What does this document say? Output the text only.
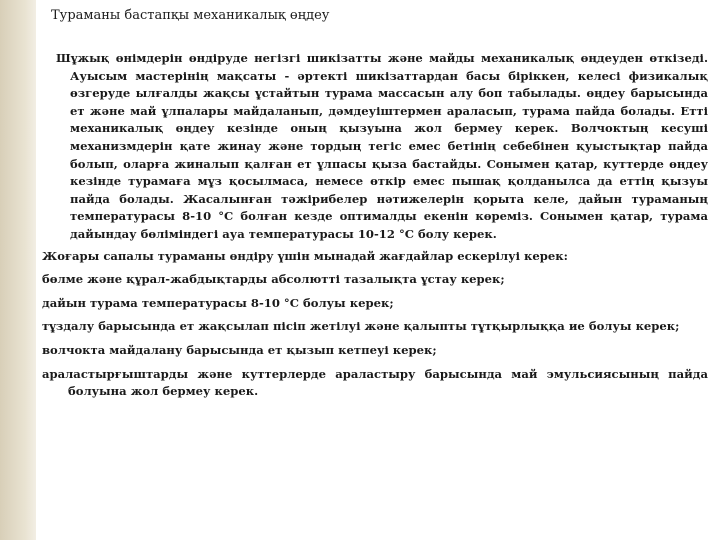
Тураманы бастапқы механикалық өңдеу

Шұжық өнімдерін өндіруде негізгі шикізатты және майды механикалық өңдеуден өткізеді. Ауысым мастерінің мақсаты - әртекті шикізаттардан басы біріккен, келесі физикалық өзгеруде ылғалды жақсы ұстайтын турама массасын алу боп табылады. өңдеу барысында ет және май ұлпалары майдаланып, дәмдеуіштермен араласып, турама пайда болады. Етті механикалық өңдеу кезінде оның қызуына жол бермеу керек. Волчоктың кесуші механизмдерін қате жинау және тордың тегіс емес бетінің себебінен қуыстықтар пайда болып, оларға жиналып қалған ет ұлпасы қыза бастайды. Сонымен қатар, куттерде өңдеу кезінде турамаға мұз қосылмаса, немесе өткір емес пышақ қолданылса да еттің қызуы пайда болады. Жасалынған тәжірибелер нәтижелерін қорыта келе, дайын тураманың температурасы 8-10 °С болған кезде оптималды екенін көреміз. Сонымен қатар, турама дайындау бөліміндегі ауа температурасы 10-12 °С болу керек.

Жоғары сапалы тураманы өндіру үшін мынадай жағдайлар ескерілуі керек:

бөлме және құрал-жабдықтарды абсолютті тазалықта ұстау керек;

дайын турама температурасы 8-10 °С болуы керек;

тұздалу барысында ет жақсылап пісіп жетілуі және қалыпты тұтқырлыққа ие болуы керек;

волчокта майдалану барысында ет қызып кетпеуі керек;

араластырғыштарды және куттерлерде араластыру барысында май эмульсиясының пайда болуына жол бермеу керек.
